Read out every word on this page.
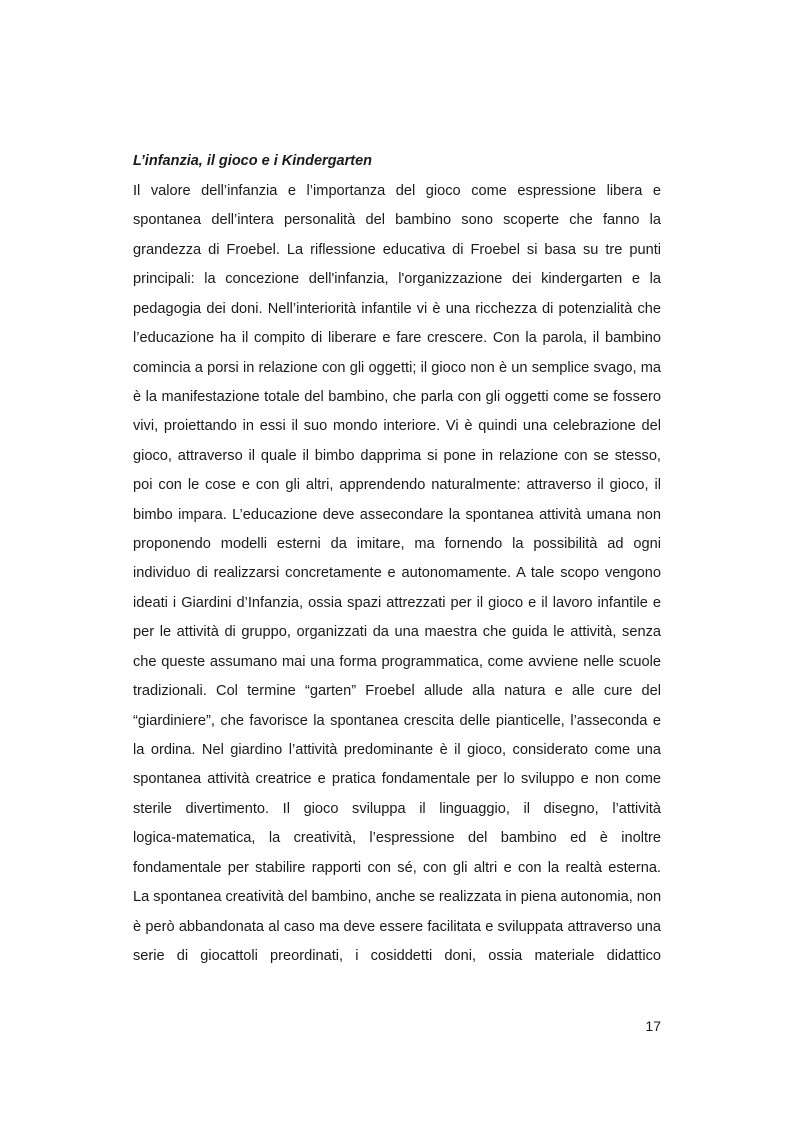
L’infanzia, il gioco e i Kindergarten
Il valore dell’infanzia e l’importanza del gioco come espressione libera e
spontanea dell’intera personalità del bambino sono scoperte che fanno la
grandezza di Froebel. La riflessione educativa di Froebel si basa su tre punti
principali: la concezione dell'infanzia, l'organizzazione dei kindergarten e la
pedagogia dei doni. Nell’interiorità infantile vi è una ricchezza di potenzialità che
l’educazione ha il compito di liberare e fare crescere. Con la parola, il bambino
comincia a porsi in relazione con gli oggetti; il gioco non è un semplice svago, ma
è la manifestazione totale del bambino, che parla con gli oggetti come se fossero
vivi, proiettando in essi il suo mondo interiore. Vi è quindi una celebrazione del
gioco, attraverso il quale il bimbo dapprima si pone in relazione con se stesso,
poi con le cose e con gli altri, apprendendo naturalmente: attraverso il gioco, il
bimbo impara. L’educazione deve assecondare la spontanea attività umana non
proponendo modelli esterni da imitare, ma fornendo la possibilità ad ogni
individuo di realizzarsi concretamente e autonomamente. A tale scopo vengono
ideati i Giardini d’Infanzia, ossia spazi attrezzati per il gioco e il lavoro infantile e
per le attività di gruppo, organizzati da una maestra che guida le attività, senza
che queste assumano mai una forma programmatica, come avviene nelle scuole
tradizionali. Col termine “garten” Froebel allude alla natura e alle cure del
“giardiniere”, che favorisce la spontanea crescita delle pianticelle, l’asseconda e
la ordina. Nel giardino l’attività predominante è il gioco, considerato come una
spontanea attività creatrice e pratica fondamentale per lo sviluppo e non come
sterile divertimento. Il gioco sviluppa il linguaggio, il disegno, l’attività
logica-matematica, la creatività, l’espressione del bambino ed è inoltre
fondamentale per stabilire rapporti con sé, con gli altri e con la realtà esterna.
La spontanea creatività del bambino, anche se realizzata in piena autonomia, non
è però abbandonata al caso ma deve essere facilitata e sviluppata attraverso una
serie di giocattoli preordinati, i cosiddetti doni, ossia materiale didattico
17
